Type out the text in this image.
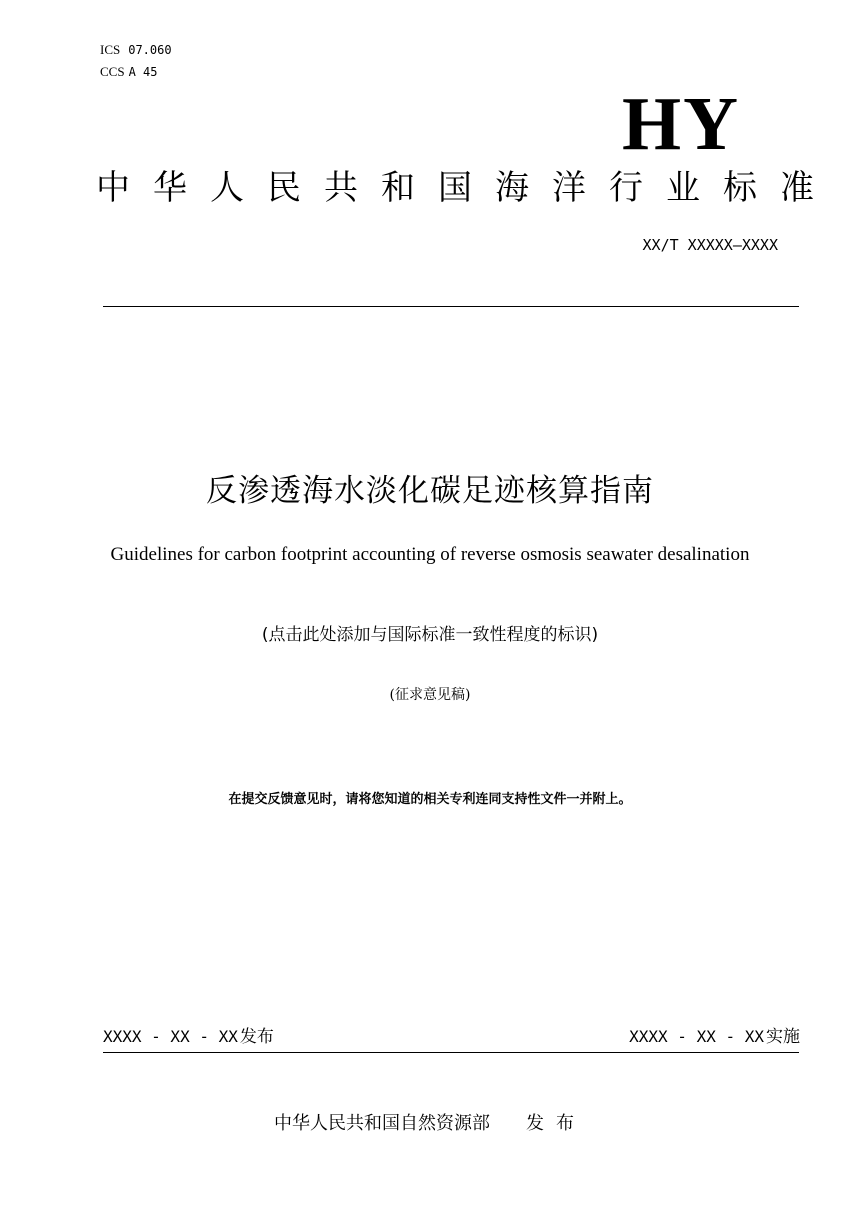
ICS 07.060
CCS A 45
HY
中华人民共和国海洋行业标准
XX/T XXXXX—XXXX
反渗透海水淡化碳足迹核算指南
Guidelines for carbon footprint accounting of reverse osmosis seawater desalination
(点击此处添加与国际标准一致性程度的标识)
(征求意见稿)
在提交反馈意见时，请将您知道的相关专利连同支持性文件一并附上。
XXXX - XX - XX 发布	XXXX - XX - XX 实施
中华人民共和国自然资源部 发布
